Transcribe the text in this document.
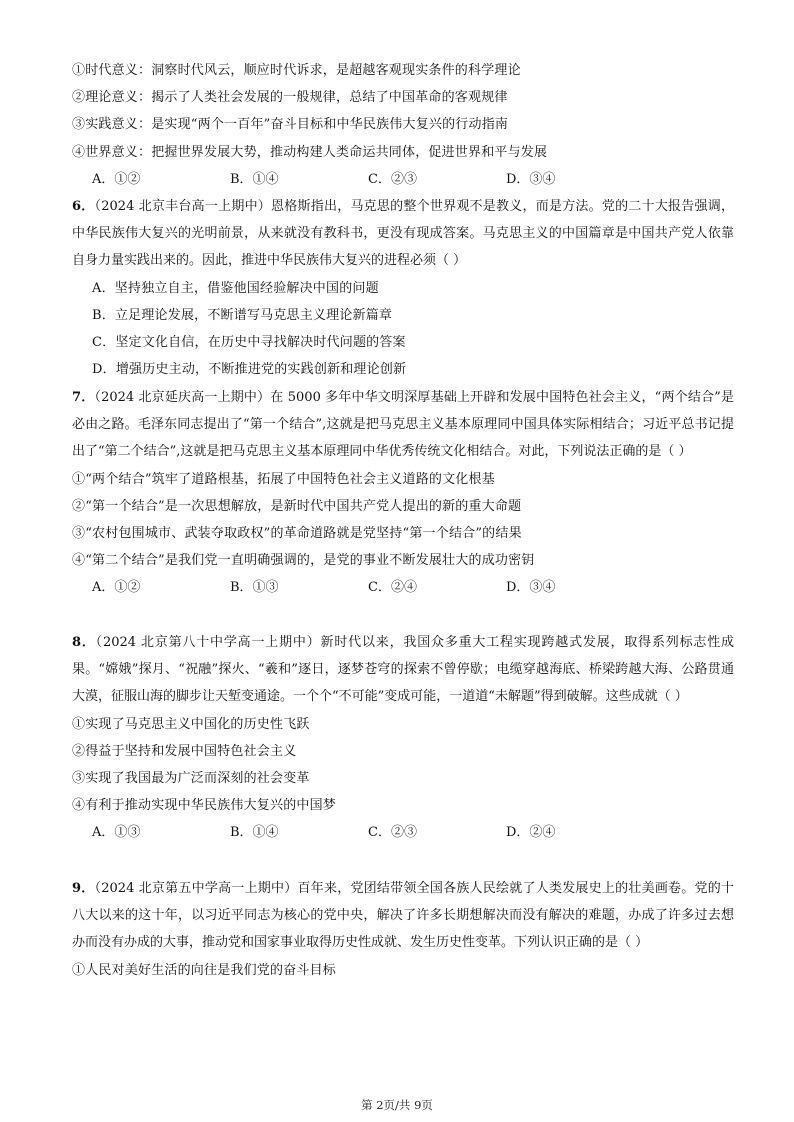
①时代意义：洞察时代风云，顺应时代诉求，是超越客观现实条件的科学理论
②理论意义：揭示了人类社会发展的一般规律，总结了中国革命的客观规律
③实践意义：是实现“两个一百年”奋斗目标和中华民族伟大复兴的行动指南
④世界意义：把握世界发展大势，推动构建人类命运共同体，促进世界和平与发展
A．①②	B．①④	C．②③	D．③④
6．（2024 北京丰台高一上期中）恩格斯指出，马克思的整个世界观不是教义，而是方法。党的二十大报告强调，中华民族伟大复兴的光明前景，从来就没有教科书，更没有现成答案。马克思主义的中国篇章是中国共产党人依靠自身力量实践出来的。因此，推进中华民族伟大复兴的进程必须（ ）
A．坚持独立自主，借鉴他国经验解决中国的问题
B．立足理论发展，不断谱写马克思主义理论新篇章
C．坚定文化自信，在历史中寻找解决时代问题的答案
D．增强历史主动，不断推进党的实践创新和理论创新
7．（2024 北京延庆高一上期中）在 5000 多年中华文明深厚基础上开辟和发展中国特色社会主义，“两个结合”是必由之路。毛泽东同志提出了“第一个结合”,这就是把马克思主义基本原理同中国具体实际相结合；习近平总书记提出了“第二个结合”,这就是把马克思主义基本原理同中华优秀传统文化相结合。对此，下列说法正确的是（ ）
①“两个结合”筑牢了道路根基，拓展了中国特色社会主义道路的文化根基
②“第一个结合”是一次思想解放，是新时代中国共产党人提出的新的重大命题
③“农村包围城市、武装夺取政权”的革命道路就是党坚持“第一个结合”的结果
④“第二个结合”是我们党一直明确强调的，是党的事业不断发展壮大的成功密钥
A．①②	B．①③	C．②④	D．③④
8．（2024 北京第八十中学高一上期中）新时代以来，我国众多重大工程实现跨越式发展，取得系列标志性成果。“嫦娥”探月、“祝融”探火、“羲和”逐日，逐梦苍穹的探索不曾停歇；电缆穿越海底、桥梁跨越大海、公路贯通大漠，征服山海的脚步让天堑变通途。一个个“不可能”变成可能，一道道“未解题”得到破解。这些成就（ ）
①实现了马克思主义中国化的历史性飞跃
②得益于坚持和发展中国特色社会主义
③实现了我国最为广泛而深刻的社会变革
④有利于推动实现中华民族伟大复兴的中国梦
A．①③	B．①④	C．②③	D．②④
9．（2024 北京第五中学高一上期中）百年来，党团结带领全国各族人民绘就了人类发展史上的壮美画卷。党的十八大以来的这十年，以习近平同志为核心的党中央，解决了许多长期想解决而没有解决的难题，办成了许多过去想办而没有办成的大事，推动党和国家事业取得历史性成就、发生历史性变革。下列认识正确的是（ ）
①人民对美好生活的向往是我们党的奋斗目标
第 2页/共 9页
